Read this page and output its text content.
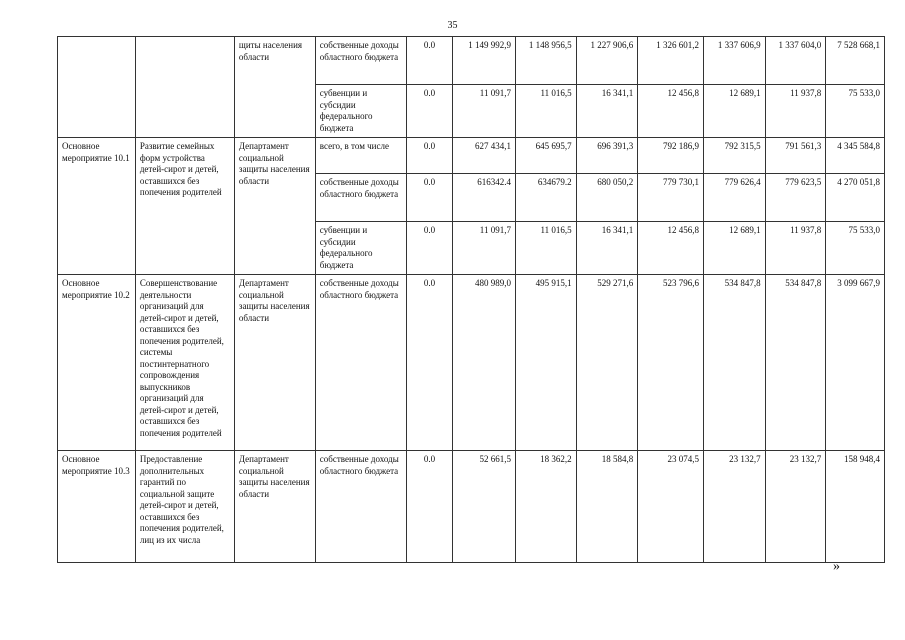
35
		щиты населения области	собственные доходы областного бюджета	0.0	1 149 992,9	1 148 956,5	1 227 906,6	1 326 601,2	1 337 606,9	1 337 604,0	7 528 668,1
			субвенции и субсидии федерального бюджета	0.0	11 091,7	11 016,5	16 341,1	12 456,8	12 689,1	11 937,8	75 533,0
Основное мероприятие 10.1	Развитие семейных форм устройства детей-сирот и детей, оставшихся без попечения родителей	Департамент социальной защиты населения области	всего, в том числе	0.0	627 434,1	645 695,7	696 391,3	792 186,9	792 315,5	791 561,3	4 345 584,8
			собственные доходы областного бюджета	0.0	616342.4	634679.2	680 050,2	779 730,1	779 626,4	779 623,5	4 270 051,8
			субвенции и субсидии федерального бюджета	0.0	11 091,7	11 016,5	16 341,1	12 456,8	12 689,1	11 937,8	75 533,0
Основное мероприятие 10.2	Совершенствование деятельности организаций для детей-сирот и детей, оставшихся без попечения родителей, системы постинтернатного сопровождения выпускников организаций для детей-сирот и детей, оставшихся без попечения родителей	Департамент социальной защиты населения области	собственные доходы областного бюджета	0.0	480 989,0	495 915,1	529 271,6	523 796,6	534 847,8	534 847,8	3 099 667,9
Основное мероприятие 10.3	Предоставление дополнительных гарантий по социальной защите детей-сирот и детей, оставшихся без попечения родителей, лиц из их числа	Департамент социальной защиты населения области	собственные доходы областного бюджета	0.0	52 661,5	18 362,2	18 584,8	23 074,5	23 132,7	23 132,7	158 948,4
»
